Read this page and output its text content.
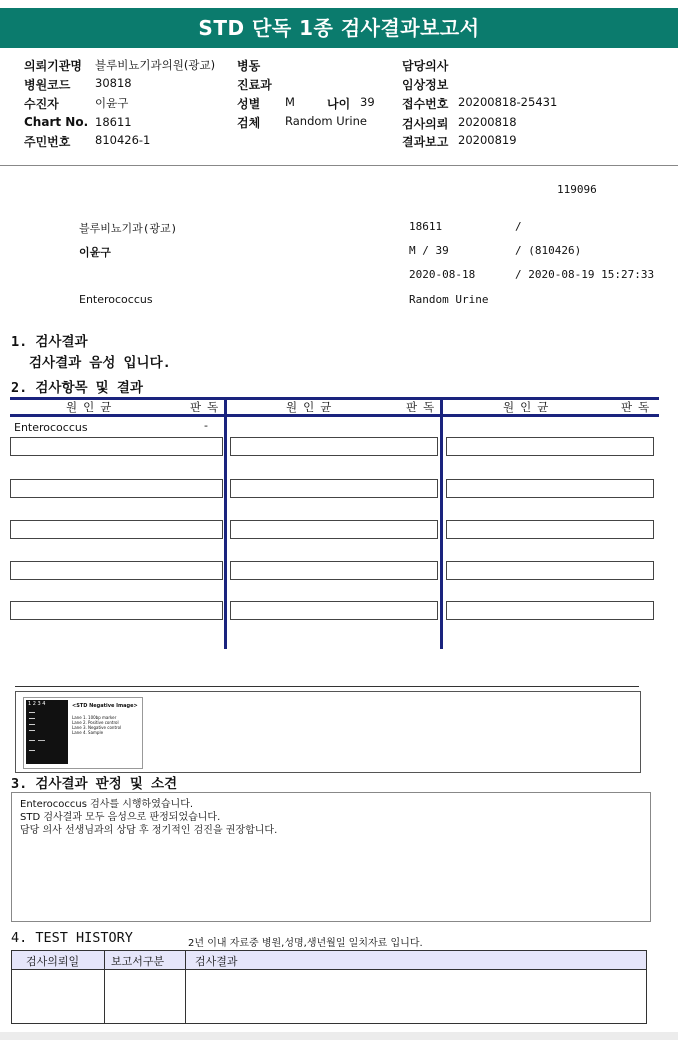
STD 단독 1종 검사결과보고서
의뢰기관명 블루비뇨기과의원(광교) 병동	담당의사
병원코드 30818	진료과	임상정보
수진자	이윤구	성별 M	나이 39 접수번호 20200818-25431
Chart No. 18611	검체 Random Urine	검사의뢰 20200818
주민번호 810426-1	결과보고 20200819
119096
블루비뇨기과(광교)	18611	/
이윤구	M / 39	/ (810426)
2020-08-18	/ 2020-08-19 15:27:33
Enterococcus	Random Urine
1. 검사결과
검사결과 음성 입니다.
2. 검사항목 및 결과
원인균	판독	원인균	판독	원인균	판독
Enterococcus	-
1 2 3 4	<STD Negative Image>
Lane 1. 100bp marker
Lane 2. Positive control
Lane 3. Negative control
Lane 4. Sample
3. 검사결과 판정 및 소견
Enterococcus 검사를 시행하였습니다.
STD 검사결과 모두 음성으로 판정되었습니다.
담당 의사 선생님과의 상담 후 정기적인 검진을 권장합니다.
4. TEST HISTORY	2년 이내 자료중 병원,성명,생년월일 일치자료 입니다.
검사의뢰일	보고서구분	검사결과
